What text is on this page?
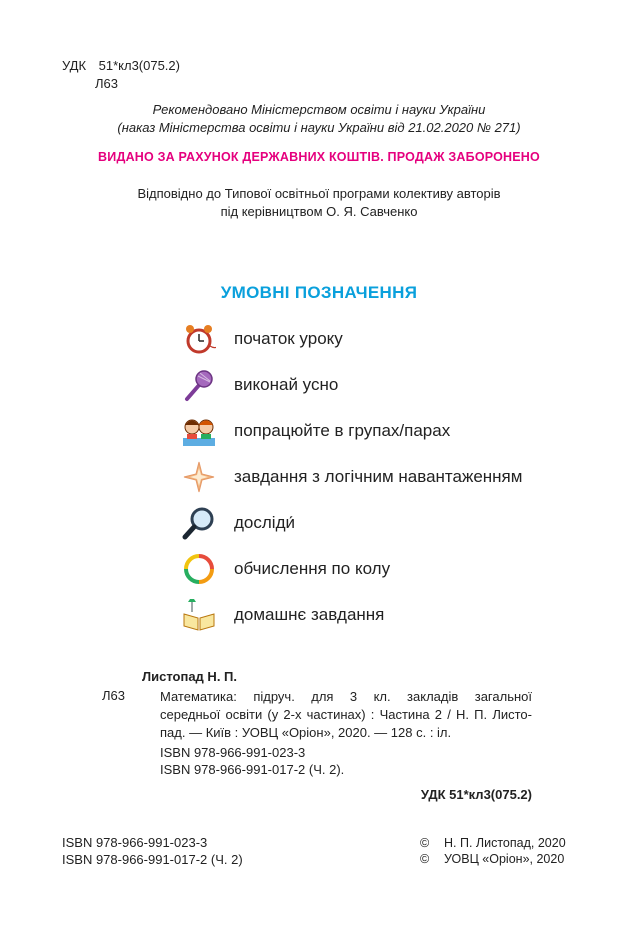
УДК 51*кл3(075.2)
Л63
Рекомендовано Міністерством освіти і науки України
(наказ Міністерства освіти і науки України від 21.02.2020 № 271)
ВИДАНО ЗА РАХУНОК ДЕРЖАВНИХ КОШТІВ. ПРОДАЖ ЗАБОРОНЕНО
Відповідно до Типової освітньої програми колективу авторів
під керівництвом О. Я. Савченко
УМОВНІ ПОЗНАЧЕННЯ
початок уроку
виконай усно
попрацюйте в групах/парах
завдання з логічним навантаженням
досліди́
обчислення по колу
домашнє завдання
Листопад Н. П.
Л63	Математика: підруч. для 3 кл. закладів загальної
середньої освіти (у 2-х частинах) : Частина 2 / Н. П. Листо-
пад. — Київ : УОВЦ «Оріон», 2020. — 128 с. : іл.
ISBN 978-966-991-023-3
ISBN 978-966-991-017-2 (Ч. 2).
УДК 51*кл3(075.2)
ISBN 978-966-991-023-3
ISBN 978-966-991-017-2 (Ч. 2)
© Н. П. Листопад, 2020
© УОВЦ «Оріон», 2020
